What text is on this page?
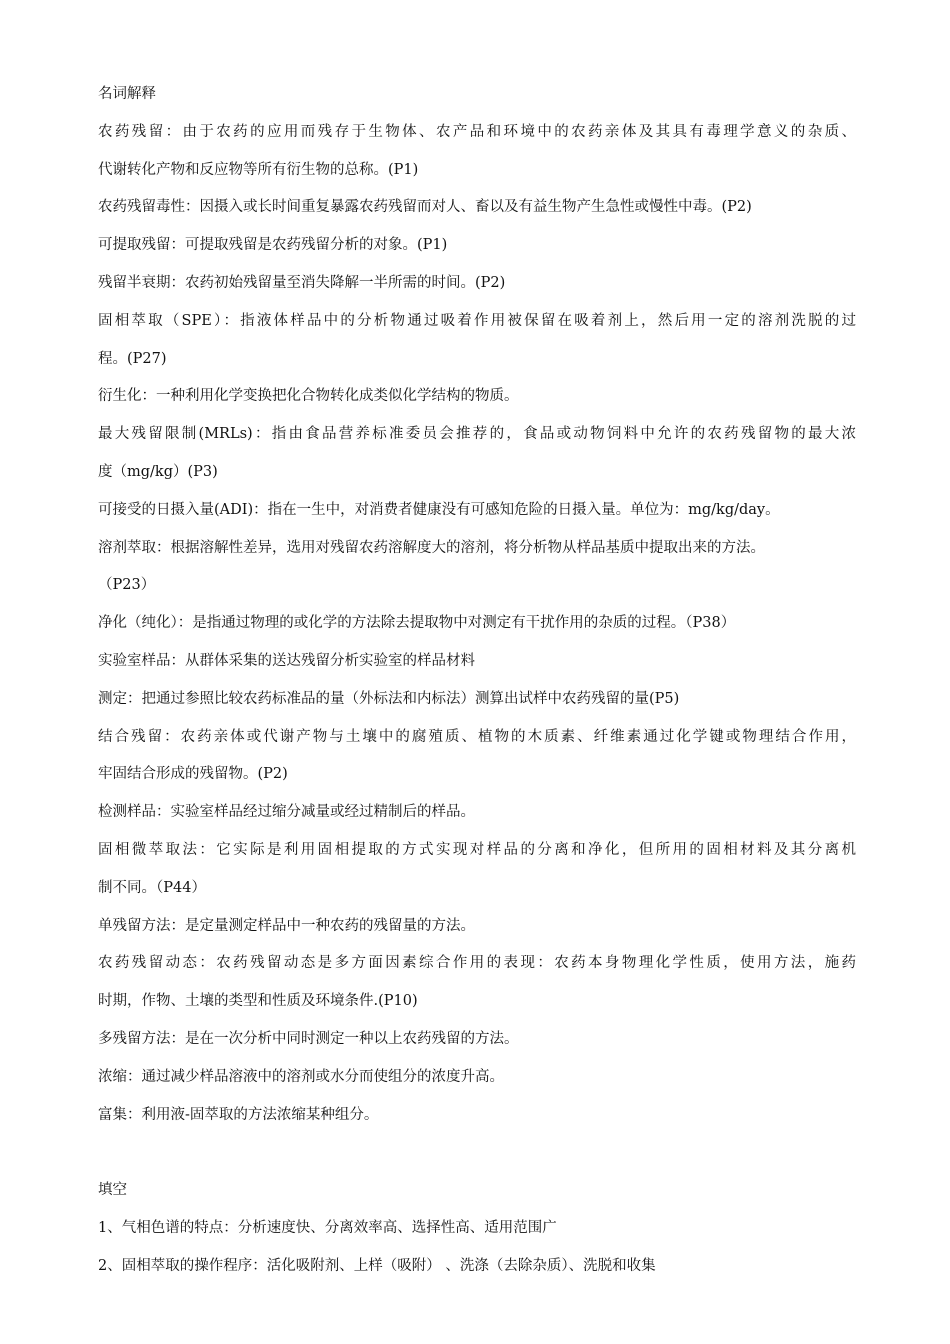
名词解释
农药残留：由于农药的应用而残存于生物体、农产品和环境中的农药亲体及其具有毒理学意义的杂质、
代谢转化产物和反应物等所有衍生物的总称。(P1)
农药残留毒性：因摄入或长时间重复暴露农药残留而对人、畜以及有益生物产生急性或慢性中毒。(P2)
可提取残留：可提取残留是农药残留分析的对象。(P1)
残留半衰期：农药初始残留量至消失降解一半所需的时间。(P2)
固相萃取（SPE）：指液体样品中的分析物通过吸着作用被保留在吸着剂上，然后用一定的溶剂洗脱的过
程。(P27)
衍生化：一种利用化学变换把化合物转化成类似化学结构的物质。
最大残留限制(MRLs)：指由食品营养标准委员会推荐的，食品或动物饲料中允许的农药残留物的最大浓
度（mg/kg）(P3)
可接受的日摄入量(ADI)：指在一生中，对消费者健康没有可感知危险的日摄入量。单位为：mg/kg/day。
溶剂萃取：根据溶解性差异，选用对残留农药溶解度大的溶剂，将分析物从样品基质中提取出来的方法。
（P23）
净化（纯化）：是指通过物理的或化学的方法除去提取物中对测定有干扰作用的杂质的过程。（P38）
实验室样品：从群体采集的送达残留分析实验室的样品材料
测定：把通过参照比较农药标准品的量（外标法和内标法）测算出试样中农药残留的量(P5)
结合残留：农药亲体或代谢产物与土壤中的腐殖质、植物的木质素、纤维素通过化学键或物理结合作用，
牢固结合形成的残留物。(P2)
检测样品：实验室样品经过缩分减量或经过精制后的样品。
固相微萃取法：它实际是利用固相提取的方式实现对样品的分离和净化，但所用的固相材料及其分离机
制不同。（P44）
单残留方法：是定量测定样品中一种农药的残留量的方法。
农药残留动态：农药残留动态是多方面因素综合作用的表现：农药本身物理化学性质，使用方法，施药
时期，作物、土壤的类型和性质及环境条件.(P10)
多残留方法：是在一次分析中同时测定一种以上农药残留的方法。
浓缩：通过减少样品溶液中的溶剂或水分而使组分的浓度升高。
富集：利用液-固萃取的方法浓缩某种组分。
填空
1、气相色谱的特点：分析速度快、分离效率高、选择性高、适用范围广
2、固相萃取的操作程序：活化吸附剂、上样（吸附） 、洗涤（去除杂质）、洗脱和收集
